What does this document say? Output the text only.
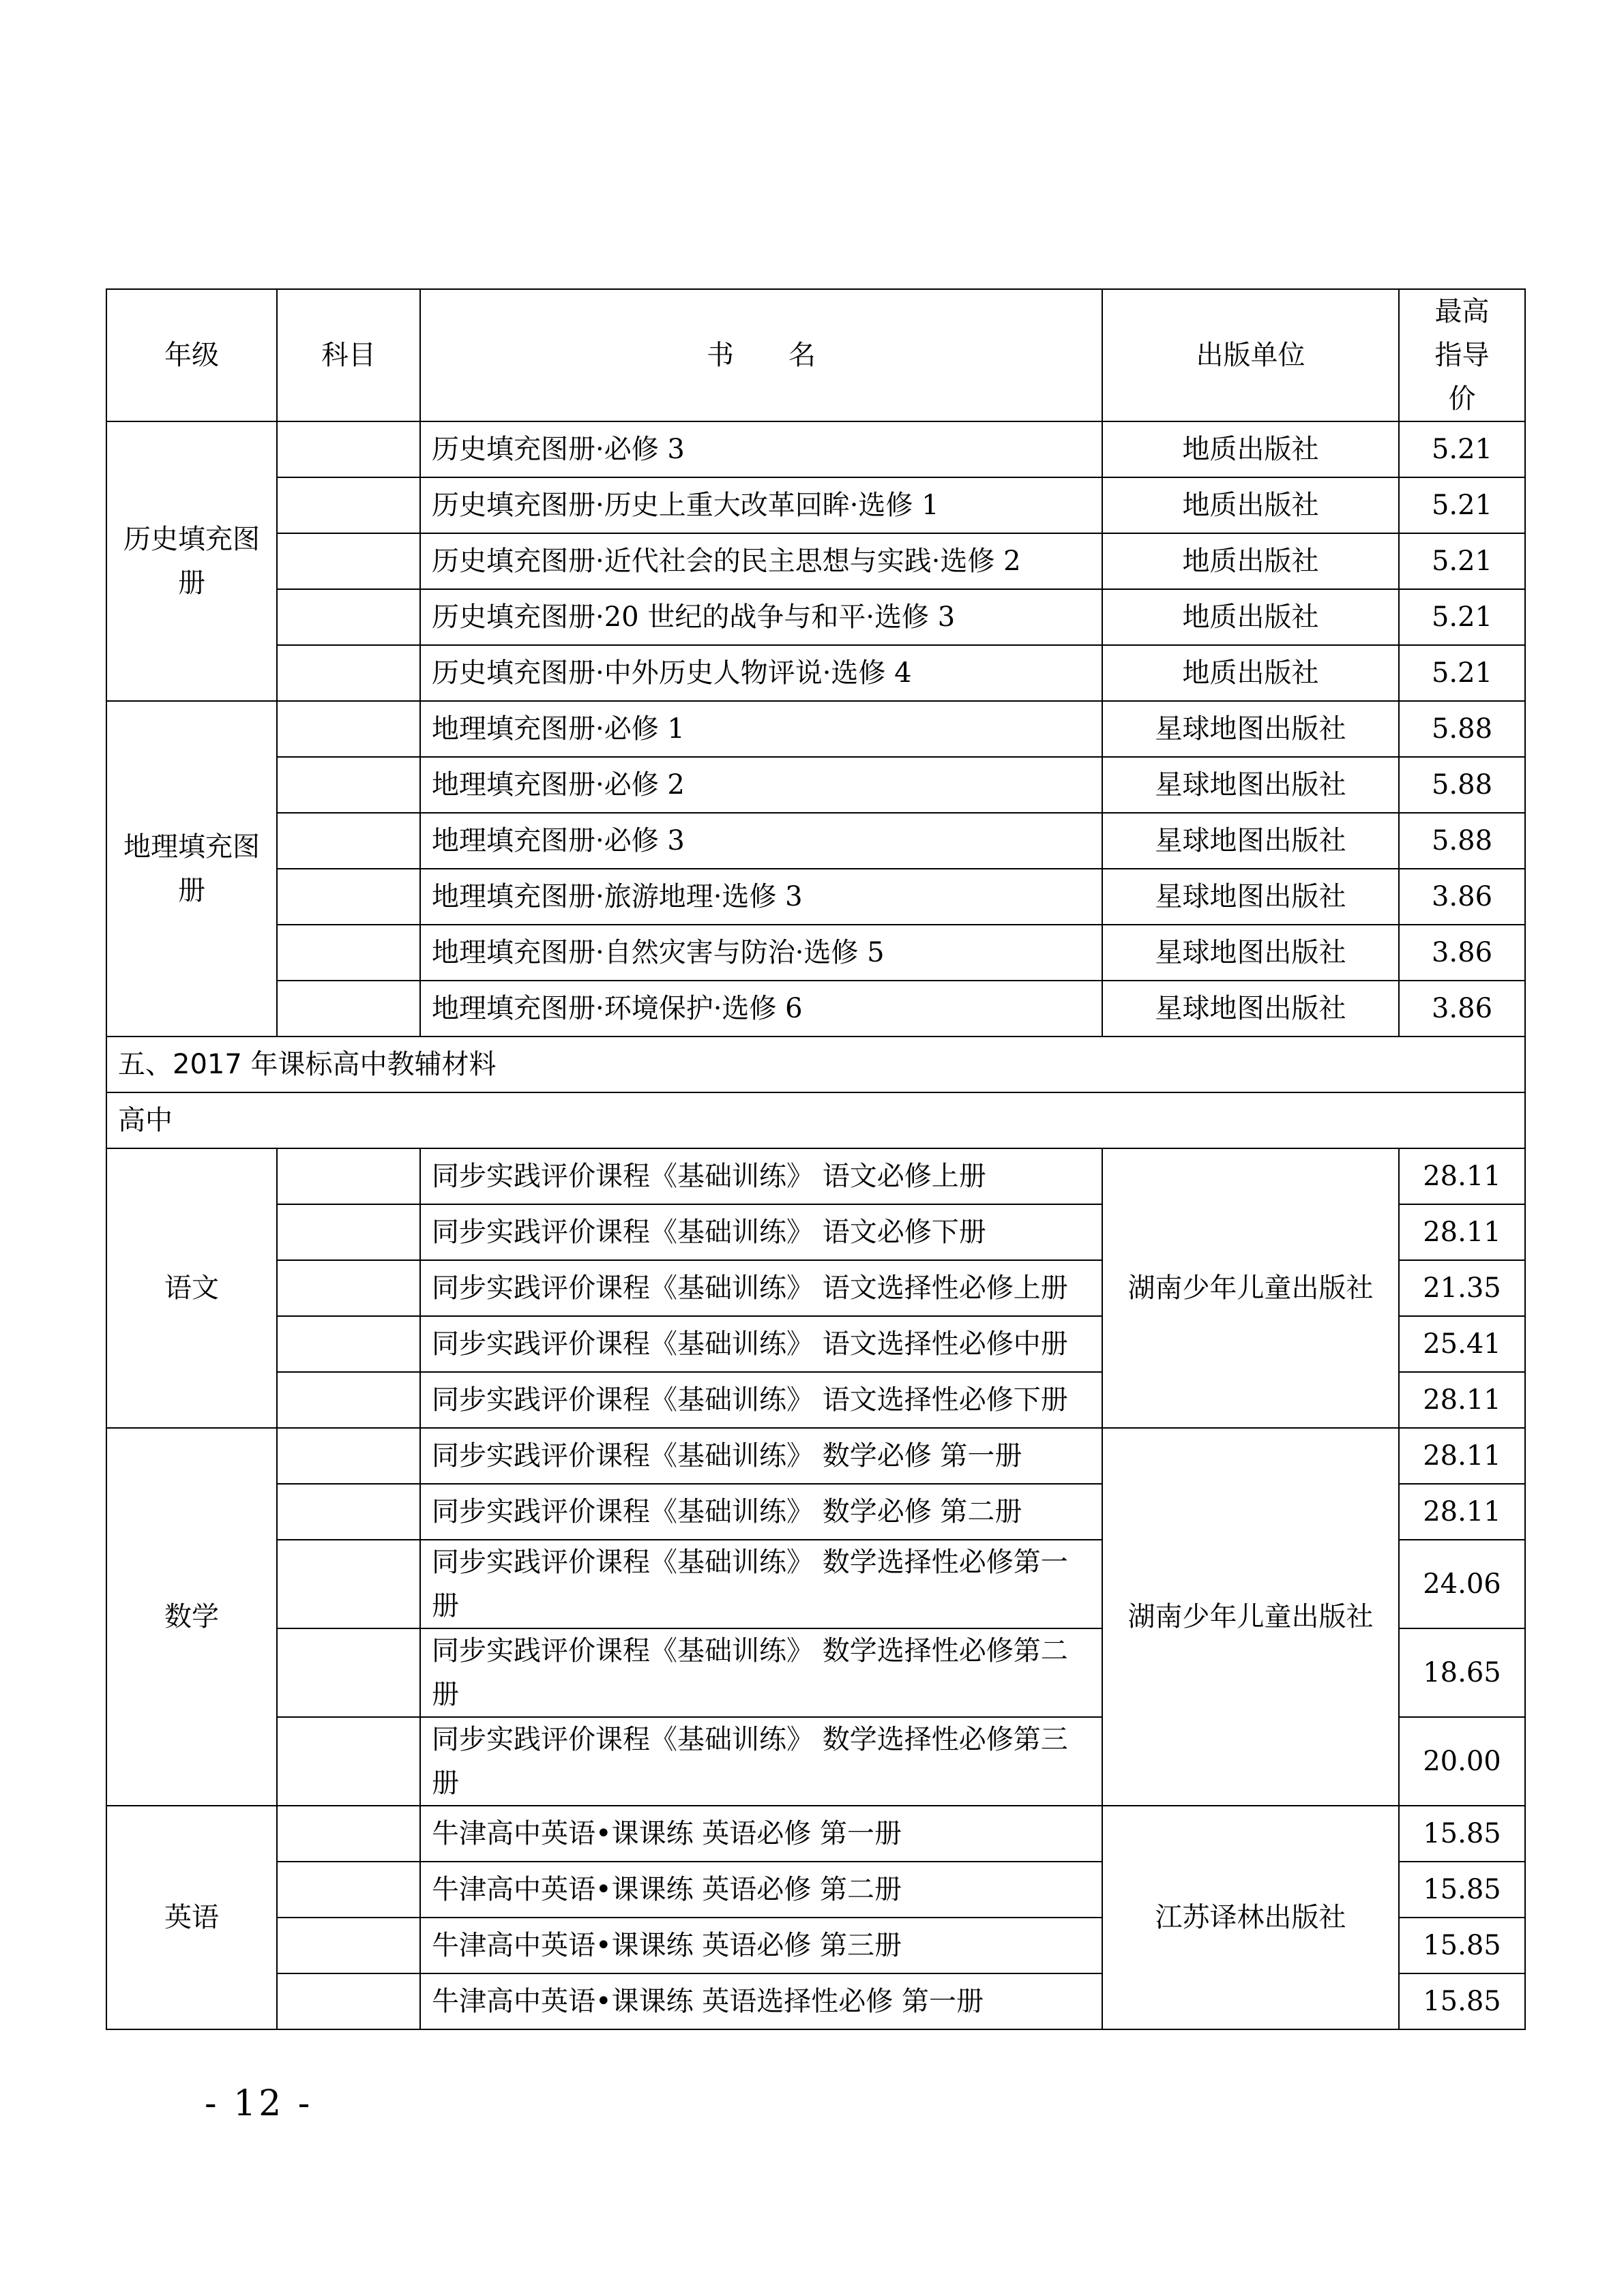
年级	科目	书　　名	出版单位	最高指导价
历史填充图册		历史填充图册·必修 3	地质出版社	5.21
		历史填充图册·历史上重大改革回眸·选修 1	地质出版社	5.21
		历史填充图册·近代社会的民主思想与实践·选修 2	地质出版社	5.21
		历史填充图册·20 世纪的战争与和平·选修 3	地质出版社	5.21
		历史填充图册·中外历史人物评说·选修 4	地质出版社	5.21
地理填充图册		地理填充图册·必修 1	星球地图出版社	5.88
		地理填充图册·必修 2	星球地图出版社	5.88
		地理填充图册·必修 3	星球地图出版社	5.88
		地理填充图册·旅游地理·选修 3	星球地图出版社	3.86
		地理填充图册·自然灾害与防治·选修 5	星球地图出版社	3.86
		地理填充图册·环境保护·选修 6	星球地图出版社	3.86
五、2017 年课标高中教辅材料				
高中				
语文		同步实践评价课程《基础训练》 语文必修上册	湖南少年儿童出版社	28.11
		同步实践评价课程《基础训练》 语文必修下册		28.11
		同步实践评价课程《基础训练》 语文选择性必修上册		21.35
		同步实践评价课程《基础训练》 语文选择性必修中册		25.41
		同步实践评价课程《基础训练》 语文选择性必修下册		28.11
数学		同步实践评价课程《基础训练》 数学必修 第一册	湖南少年儿童出版社	28.11
		同步实践评价课程《基础训练》 数学必修 第二册		28.11
		同步实践评价课程《基础训练》 数学选择性必修第一册		24.06
		同步实践评价课程《基础训练》 数学选择性必修第二册		18.65
		同步实践评价课程《基础训练》 数学选择性必修第三册		20.00
英语		牛津高中英语•课课练 英语必修 第一册	江苏译林出版社	15.85
		牛津高中英语•课课练 英语必修 第二册		15.85
		牛津高中英语•课课练 英语必修 第三册		15.85
		牛津高中英语•课课练 英语选择性必修 第一册		15.85
- 12 -
